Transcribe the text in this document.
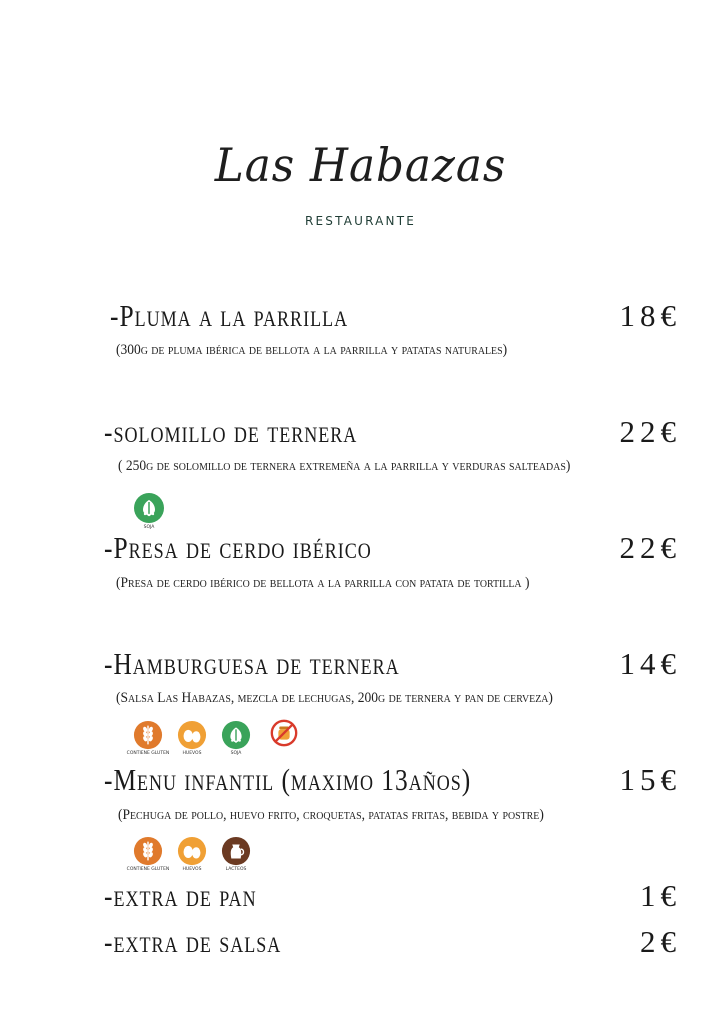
Las Habazas
RESTAURANTE
-Pluma a la parrilla	18€
(300g de pluma ibérica de bellota a la parrilla y patatas naturales)
-solomillo de ternera	22€
( 250g de solomillo de ternera extremeña a la parrilla y verduras salteadas)
SOJA
-Presa de cerdo ibérico	22€
(Presa de cerdo ibérico de bellota a la parrilla con patata de tortilla )
-Hamburguesa de ternera	14€
(Salsa Las Habazas, mezcla de lechugas, 200g de ternera y pan de cerveza)
CONTIENE GLUTEN	HUEVOS	SOJA
-Menu infantil (maximo 13años)	15€
(Pechuga de pollo, huevo frito, croquetas, patatas fritas, bebida y postre)
CONTIENE GLUTEN	HUEVOS	LACTEOS
-extra de pan	1€
-extra de salsa	2€
